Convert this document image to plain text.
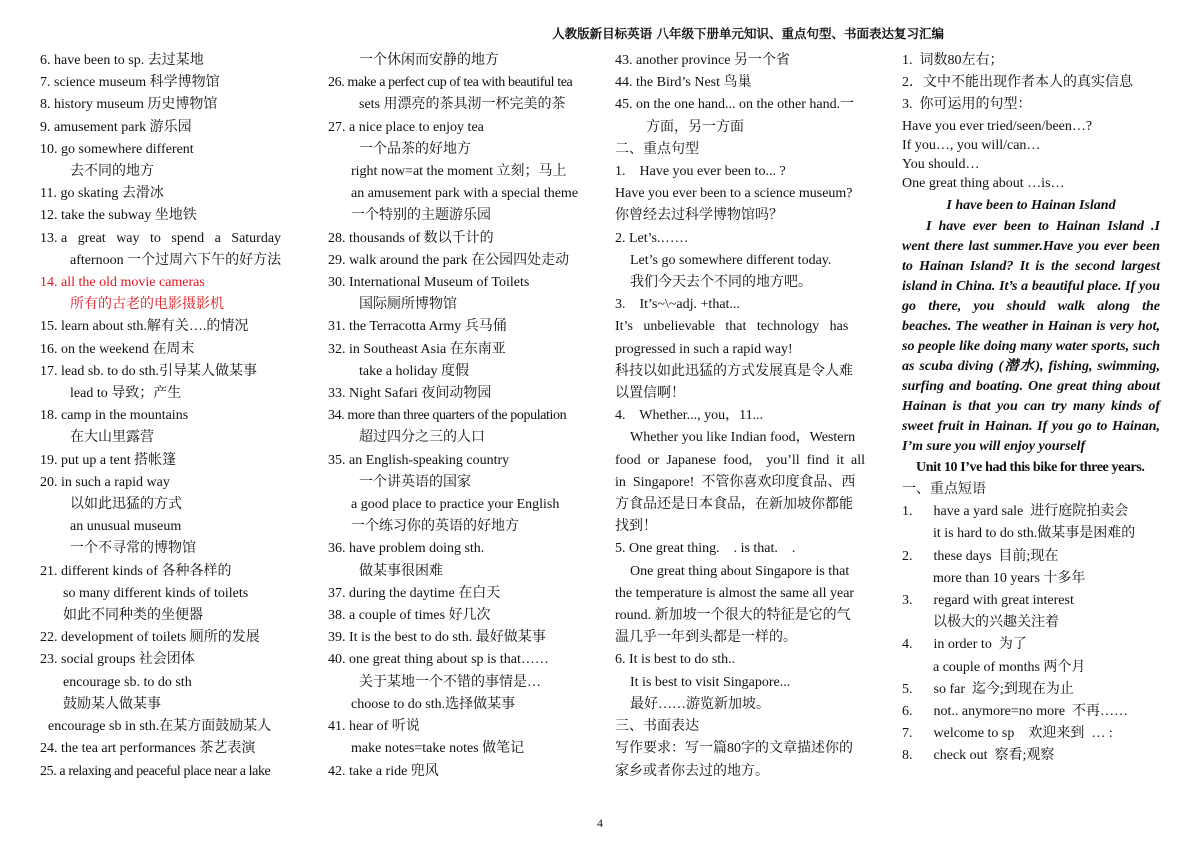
人教版新目标英语 八年级下册单元知识、重点句型、书面表达复习汇编
6. have been to sp. 去过某地
7. science museum 科学博物馆
8. history museum 历史博物馆
9. amusement park 游乐园
10. go somewhere different
去不同的地方
11. go skating 去滑冰
12. take the subway 坐地铁
13. a   great   way   to   spend   a   Saturday
afternoon 一个过周六下午的好方法
14. all the old movie cameras
所有的古老的电影摄影机
15. learn about sth.解有关….的情况
16. on the weekend 在周末
17. lead sb. to do sth.引导某人做某事
lead to 导致；产生
18. camp in the mountains
在大山里露营
19. put up a tent 搭帐篷
20. in such a rapid way
以如此迅猛的方式
an unusual museum
一个不寻常的博物馆
21. different kinds of 各种各样的
so many different kinds of toilets
如此不同种类的坐便器
22. development of toilets 厕所的发展
23. social groups 社会团体
encourage sb. to do sth
鼓励某人做某事
encourage sb in sth.在某方面鼓励某人
24. the tea art performances 茶艺表演
25. a relaxing and peaceful place near a lake
一个休闲而安静的地方
26. make a perfect cup of tea with beautiful tea
sets 用漂亮的茶具沏一杯完美的茶
27. a nice place to enjoy tea
一个品茶的好地方
right now=at the moment 立刻；马上
an amusement park with a special theme
一个特别的主题游乐园
28. thousands of 数以千计的
29. walk around the park 在公园四处走动
30. International Museum of Toilets
国际厕所博物馆
31. the Terracotta Army 兵马俑
32. in Southeast Asia 在东南亚
take a holiday 度假
33. Night Safari 夜间动物园
34. more than three quarters of the population
超过四分之三的人口
35. an English-speaking country
一个讲英语的国家
a good place to practice your English
一个练习你的英语的好地方
36. have problem doing sth.
做某事很困难
37. during the daytime 在白天
38. a couple of times 好几次
39. It is the best to do sth. 最好做某事
40. one great thing about sp is that……
关于某地一个不错的事情是…
choose to do sth.选择做某事
41. hear of 听说
make notes=take notes 做笔记
42. take a ride 兜风
43. another province 另一个省
44. the Bird’s Nest 鸟巢
45. on the one hand... on the other hand.一
方面，另一方面
二、重点句型
1.    Have you ever been to... ?
Have you ever been to a science museum?
你曾经去过科学博物馆吗？
2. Let’s.……
Let’s go somewhere different today.
我们今天去个不同的地方吧。
3.    It’s~\~adj. +that...
It’s   unbelievable   that   technology   has
progressed in such a rapid way!
科技以如此迅猛的方式发展真是令人难
以置信啊！
4.    Whether..., you，11...
Whether you like Indian food，Western
food  or  Japanese  food,    you’ll  find  it  all
in  Singapore!  不管你喜欢印度食品、西
方食品还是日本食品，在新加坡你都能
找到！
5. One great thing.    . is that.    .
One great thing about Singapore is that
the temperature is almost the same all year
round. 新加坡一个很大的特征是它的气
温几乎一年到头都是一样的。
6. It is best to do sth..
It is best to visit Singapore...
最好……游览新加坡。
三、书面表达
写作要求：写一篇80字的文章描述你的
家乡或者你去过的地方。
1.  词数80左右；
2．文中不能出现作者本人的真实信息
3.  你可运用的句型：
Have you ever tried/seen/been…?
If you…, you will/can…
You should…
One great thing about …is…
I have been to Hainan Island
I have ever been to Hainan Island .I went there last summer.Have you ever been to Hainan Island? It is the second largest island in China. It’s a beautiful place. If you go there, you should walk along the beaches. The weather in Hainan is very hot, so people like doing many water sports, such as scuba diving (潜水), fishing, swimming, surfing and boating. One great thing about Hainan is that you can try many kinds of sweet fruit in Hainan. If you go to Hainan, I’m sure you will enjoy yourself
Unit 10 I’ve had this bike for three years.
一、重点短语
1.      have a yard sale  进行庭院拍卖会
it is hard to do sth.做某事是困难的
2.      these days  目前;现在
more than 10 years 十多年
3.      regard with great interest
以极大的兴趣关注着
4.      in order to  为了
a couple of months 两个月
5.      so far  迄今;到现在为止
6.      not.. anymore=no more  不再……
7.      welcome to sp    欢迎来到  … :
8.      check out  察看;观察
4
